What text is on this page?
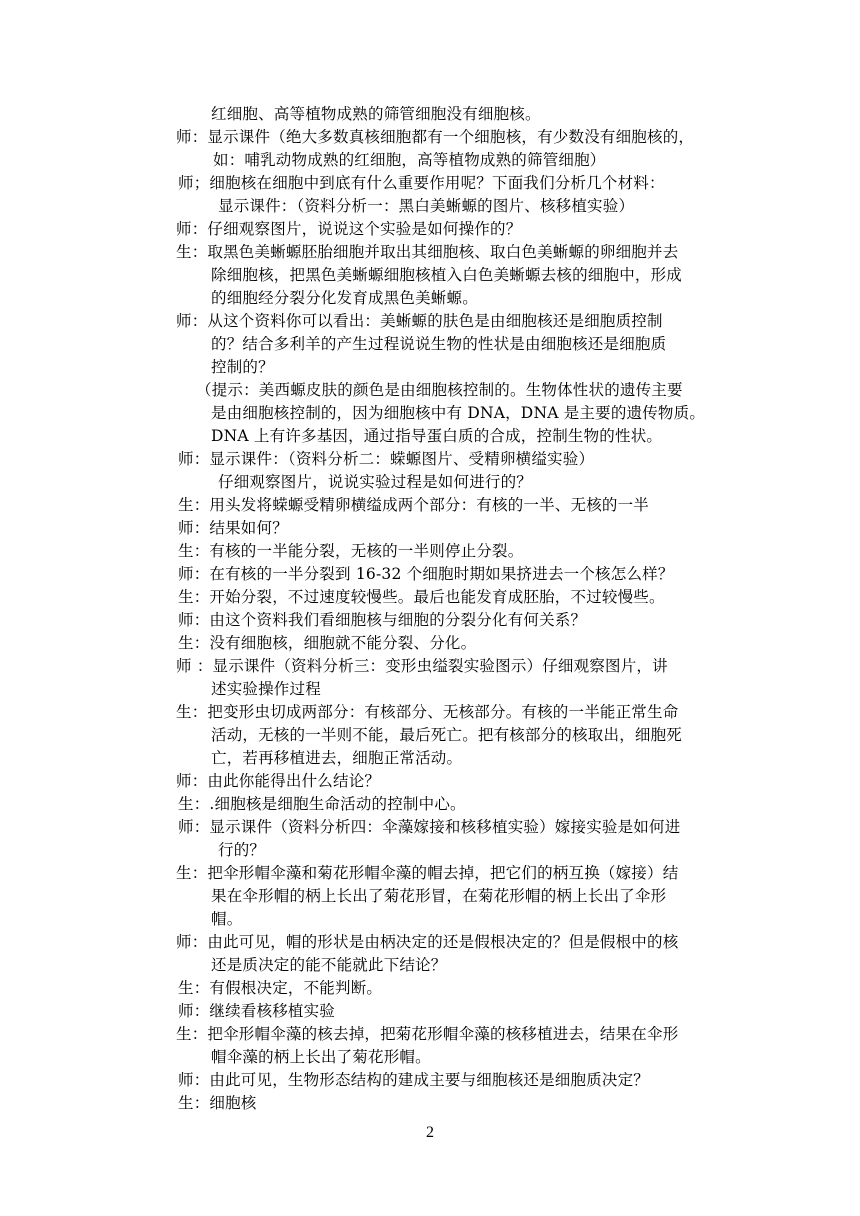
红细胞、高等植物成熟的筛管细胞没有细胞核。
师：显示课件（绝大多数真核细胞都有一个细胞核，有少数没有细胞核的，
如：哺乳动物成熟的红细胞，高等植物成熟的筛管细胞）
师；细胞核在细胞中到底有什么重要作用呢？下面我们分析几个材料：
显示课件：（资料分析一：黑白美蜥螈的图片、核移植实验）
师：仔细观察图片，说说这个实验是如何操作的？
生：取黑色美蜥螈胚胎细胞并取出其细胞核、取白色美蜥螈的卵细胞并去
除细胞核，把黑色美蜥螈细胞核植入白色美蜥螈去核的细胞中，形成
的细胞经分裂分化发育成黑色美蜥螈。
师：从这个资料你可以看出：美蜥螈的肤色是由细胞核还是细胞质控制
的？结合多利羊的产生过程说说生物的性状是由细胞核还是细胞质
控制的？
（提示：美西螈皮肤的颜色是由细胞核控制的。生物体性状的遗传主要
是由细胞核控制的，因为细胞核中有 DNA，DNA 是主要的遗传物质。
DNA 上有许多基因，通过指导蛋白质的合成，控制生物的性状。
师：显示课件：（资料分析二：蝾螈图片、受精卵横缢实验）
仔细观察图片，说说实验过程是如何进行的？
生：用头发将蝾螈受精卵横缢成两个部分：有核的一半、无核的一半
师：结果如何？
生：有核的一半能分裂，无核的一半则停止分裂。
师：在有核的一半分裂到 16-32 个细胞时期如果挤进去一个核怎么样？
生：开始分裂，不过速度较慢些。最后也能发育成胚胎，不过较慢些。
师：由这个资料我们看细胞核与细胞的分裂分化有何关系？
生：没有细胞核，细胞就不能分裂、分化。
师 ：显示课件（资料分析三：变形虫缢裂实验图示）仔细观察图片，讲
述实验操作过程
生：把变形虫切成两部分：有核部分、无核部分。有核的一半能正常生命
活动，无核的一半则不能，最后死亡。把有核部分的核取出，细胞死
亡，若再移植进去，细胞正常活动。
师：由此你能得出什么结论？
生：.细胞核是细胞生命活动的控制中心。
师：显示课件（资料分析四：伞藻嫁接和核移植实验）嫁接实验是如何进
行的？
生：把伞形帽伞藻和菊花形帽伞藻的帽去掉，把它们的柄互换（嫁接）结
果在伞形帽的柄上长出了菊花形冒，在菊花形帽的柄上长出了伞形
帽。
师：由此可见，帽的形状是由柄决定的还是假根决定的？但是假根中的核
还是质决定的能不能就此下结论？
生：有假根决定，不能判断。
师：继续看核移植实验
生：把伞形帽伞藻的核去掉，把菊花形帽伞藻的核移植进去，结果在伞形
帽伞藻的柄上长出了菊花形帽。
师：由此可见，生物形态结构的建成主要与细胞核还是细胞质决定？
生：细胞核
2
